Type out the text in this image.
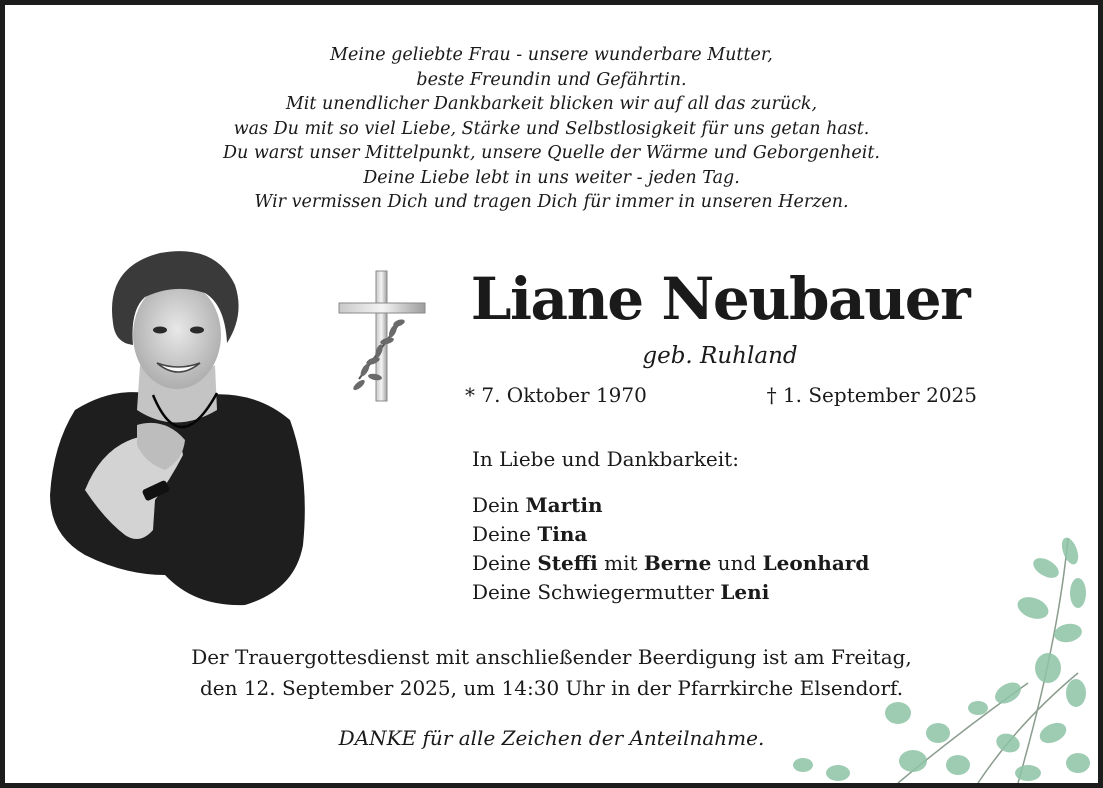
Meine geliebte Frau - unsere wunderbare Mutter,
beste Freundin und Gefährtin.
Mit unendlicher Dankbarkeit blicken wir auf all das zurück,
was Du mit so viel Liebe, Stärke und Selbstlosigkeit für uns getan hast.
Du warst unser Mittelpunkt, unsere Quelle der Wärme und Geborgenheit.
Deine Liebe lebt in uns weiter - jeden Tag.
Wir vermissen Dich und tragen Dich für immer in unseren Herzen.
Liane Neubauer
geb. Ruhland
* 7. Oktober 1970	† 1. September 2025
In Liebe und Dankbarkeit:
Dein Martin
Deine Tina
Deine Steffi mit Berne und Leonhard
Deine Schwiegermutter Leni
Der Trauergottesdienst mit anschließender Beerdigung ist am Freitag,
den 12. September 2025, um 14:30 Uhr in der Pfarrkirche Elsendorf.
DANKE für alle Zeichen der Anteilnahme.
